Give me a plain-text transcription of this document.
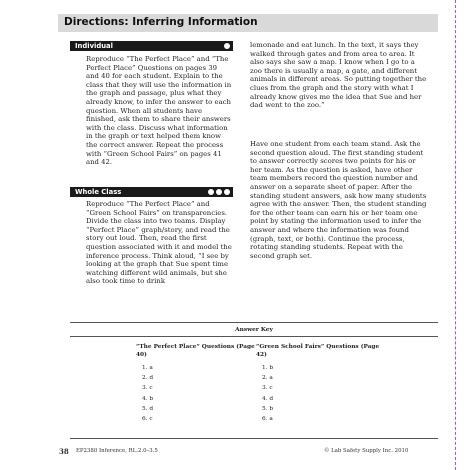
Directions: Inferring Information
Individual
Reproduce “The Perfect Place” and “The Perfect Place” Questions on pages 39 and 40 for each student. Explain to the class that they will use the information in the graph and passage, plus what they already know, to infer the answer to each question. When all students have finished, ask them to share their answers with the class. Discuss what information in the graph or text helped them know the correct answer. Repeat the process with “Green School Fairs” on pages 41 and 42.
Whole Class
Reproduce “The Perfect Place” and “Green School Fairs” on transparencies. Divide the class into two teams. Display “Perfect Place” graph/story, and read the story out loud. Then, read the first question associated with it and model the inference process. Think aloud, “I see by looking at the graph that Sue spent time watching different wild animals, but she also took time to drink
lemonade and eat lunch. In the text, it says they walked through gates and from area to area. It also says she saw a map. I know when I go to a zoo there is usually a map, a gate, and different animals in different areas. So putting together the clues from the graph and the story with what I already know gives me the idea that Sue and her dad went to the zoo.”
Have one student from each team stand. Ask the second question aloud. The first standing student to answer correctly scores two points for his or her team. As the question is asked, have other team members record the question number and answer on a separate sheet of paper. After the standing student answers, ask how many students agree with the answer. Then, the student standing for the other team can earn his or her team one point by stating the information used to infer the answer and where the information was found (graph, text, or both). Continue the process, rotating standing students. Repeat with the second graph set.
Answer Key
“The Perfect Place” Questions (Page 40)
1. a
2. d
3. c
4. b
5. d
6. c
“Green School Fairs” Questions (Page 42)
1. b
2. a
3. c
4. d
5. b
6. a
38 EP2380 Inference, RL.2.0–3.5	© Lab Safety Supply Inc. 2010
